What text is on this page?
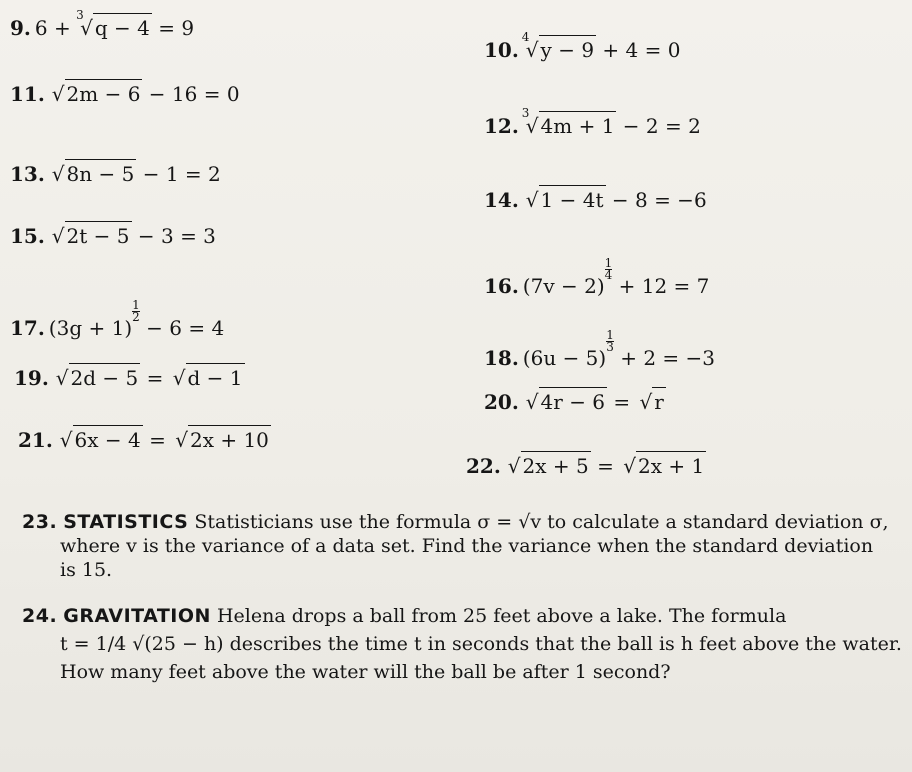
9. 6 +
3
√ q − 4 = 9
10.
4
√ y − 9 + 4 = 0
11. √ 2m − 6 − 16 = 0
12.
3
√ 4m + 1 − 2 = 2
13. √ 8n − 5 − 1 = 2
14. √ 1 − 4t − 8 = −6
15. √ 2t − 5 − 3 = 3
16. (7v − 2)
$\frac{1}{4}$
+ 12 = 7
17. (3g + 1)
$\frac{1}{2}$
− 6 = 4
18. (6u − 5)
$\frac{1}{3}$
+ 2 = −3
19. √ 2d − 5 = √ d − 1
20. √ 4r − 6 = √ r
21. √ 6x − 4 = √ 2x + 10
22. √ 2x + 5 = √ 2x + 1
23. STATISTICS Statisticians use the formula σ = √v to calculate a standard deviation σ,
where v is the variance of a data set. Find the variance when the standard deviation
is 15.
24. GRAVITATION Helena drops a ball from 25 feet above a lake. The formula
t = 1/4 √(25 − h) describes the time t in seconds that the ball is h feet above the water.
How many feet above the water will the ball be after 1 second?
